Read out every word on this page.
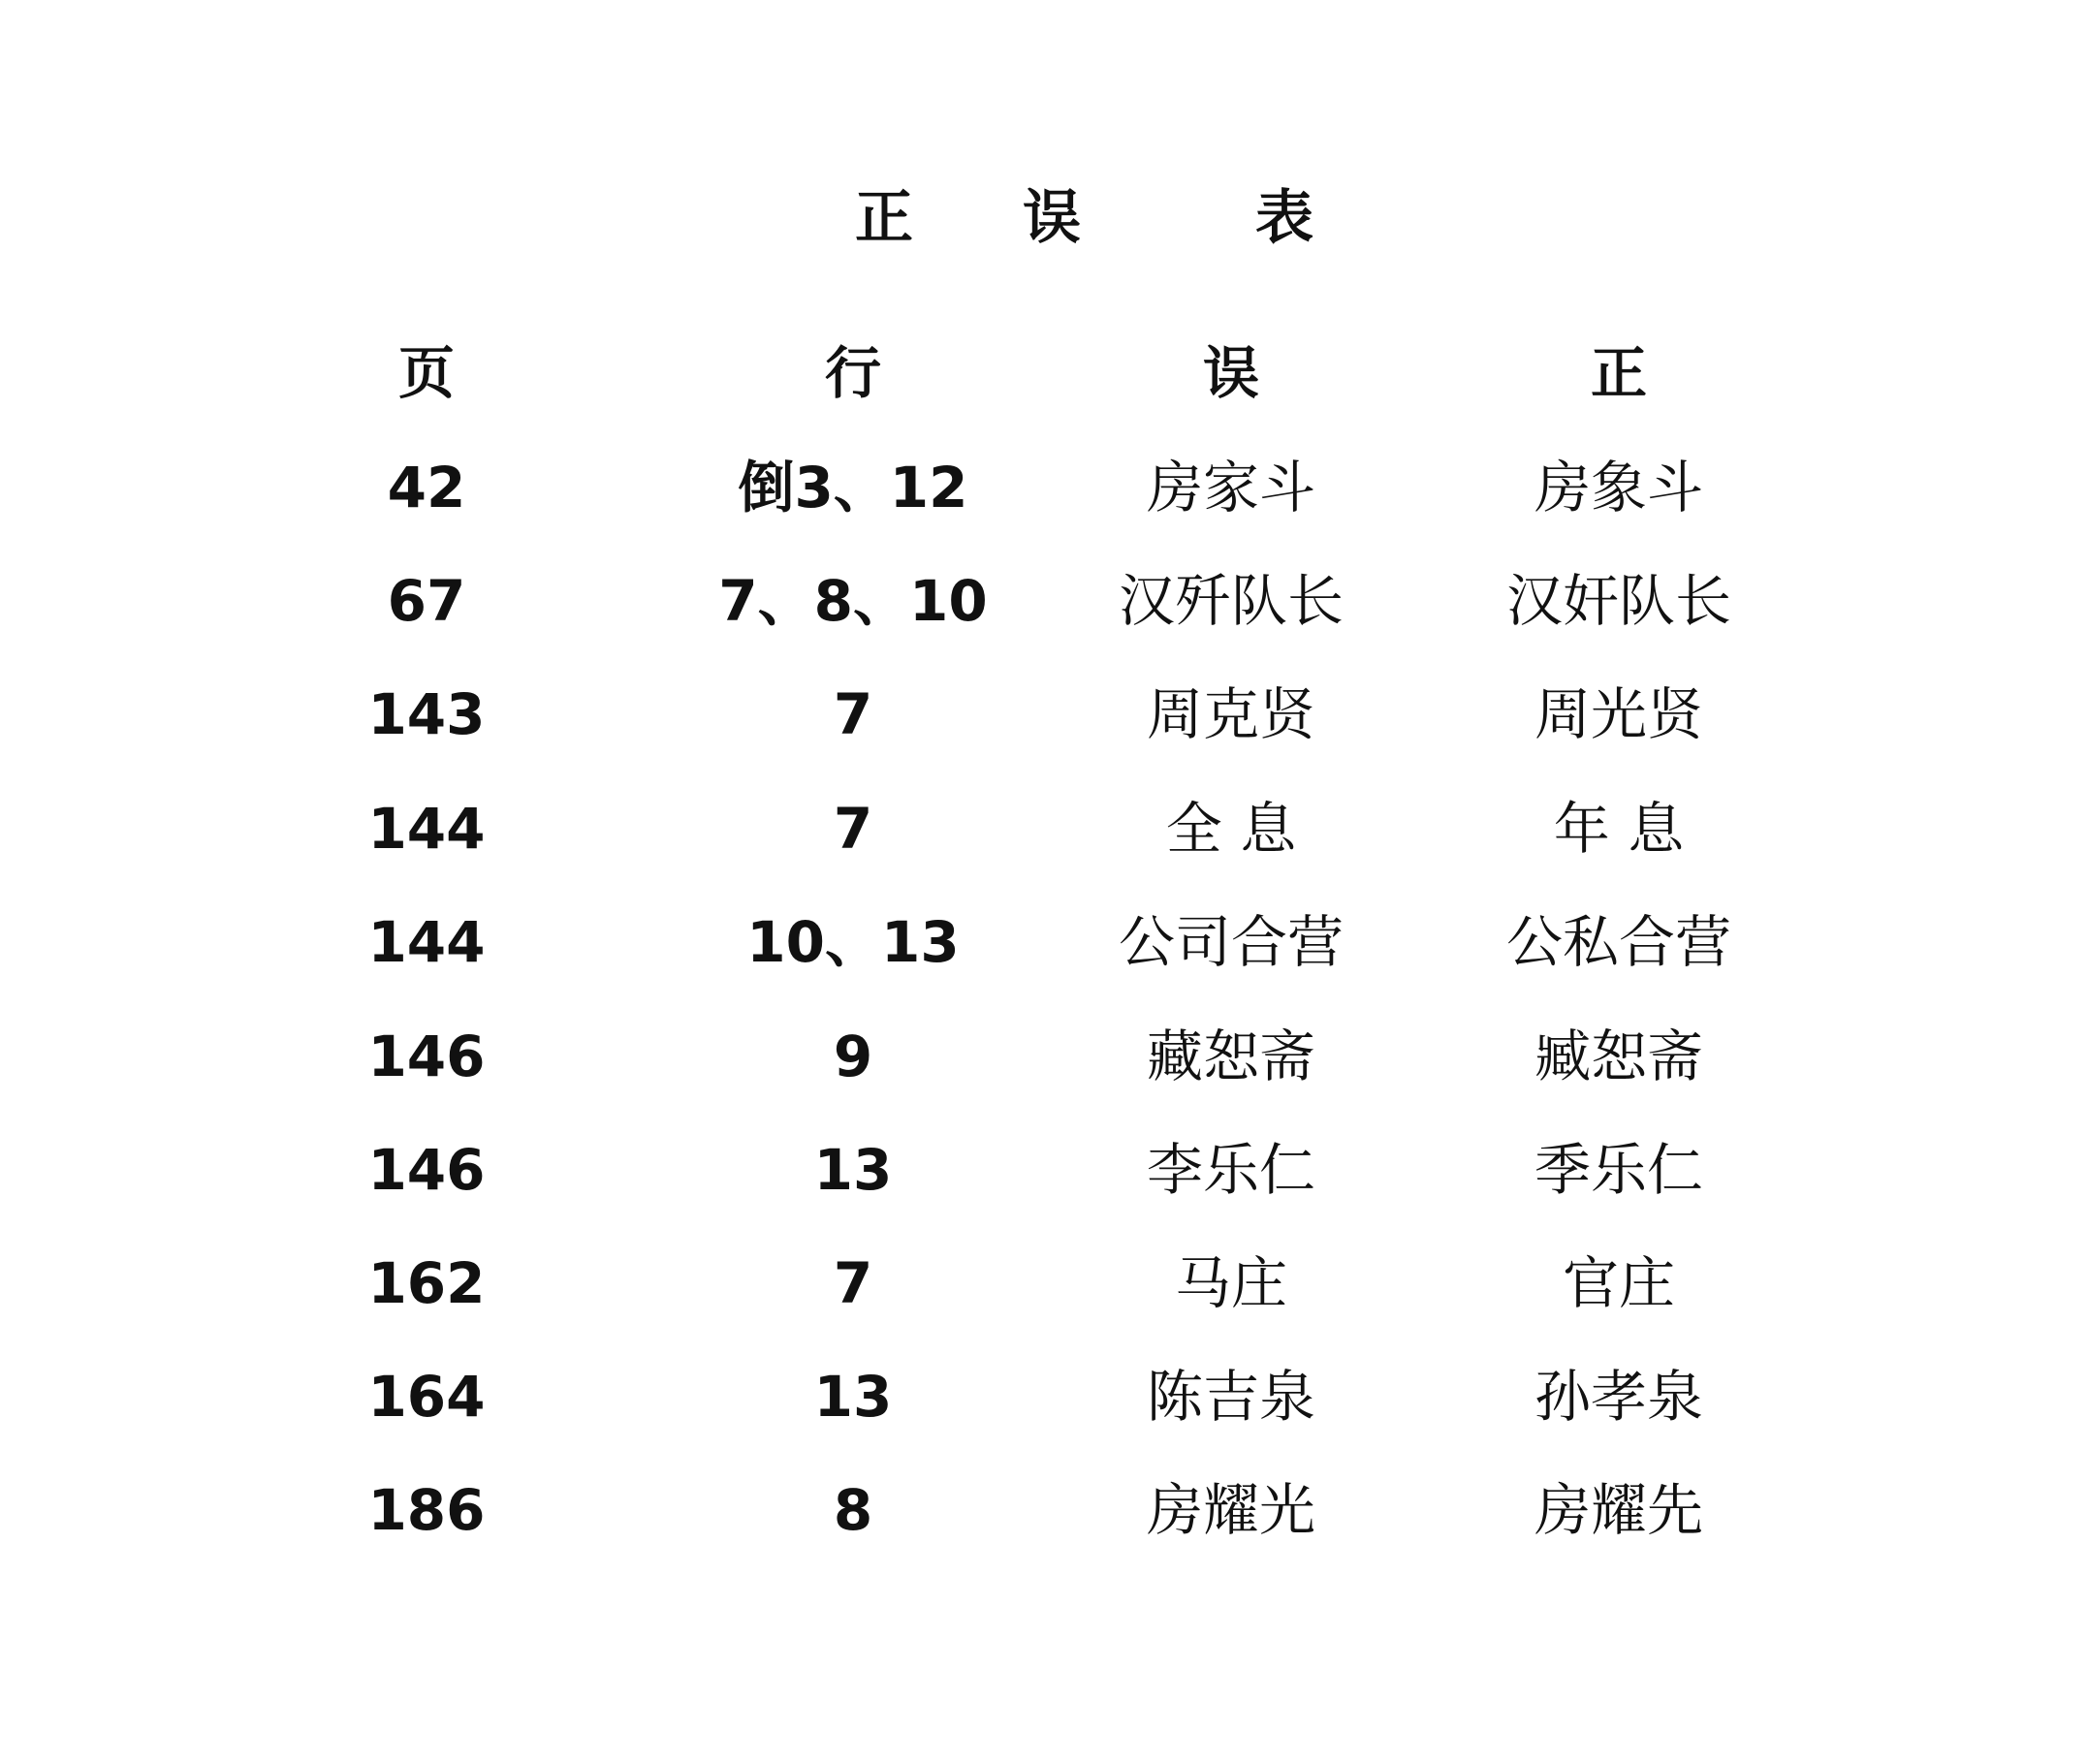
正 误	表
页	行	误	正
42	倒3、12	房家斗	房象斗
67	7、8、10	汉歼队长	汉奸队长
143	7	周克贤	周光贤
144	7	全 息	年 息
144	10、13	公司合营	公私合营
146	9	藏恕斋	臧恕斋
146	13	李乐仁	季乐仁
162	7	马庄	官庄
164	13	陈吉泉	孙孝泉
186	8	房耀光	房耀先
